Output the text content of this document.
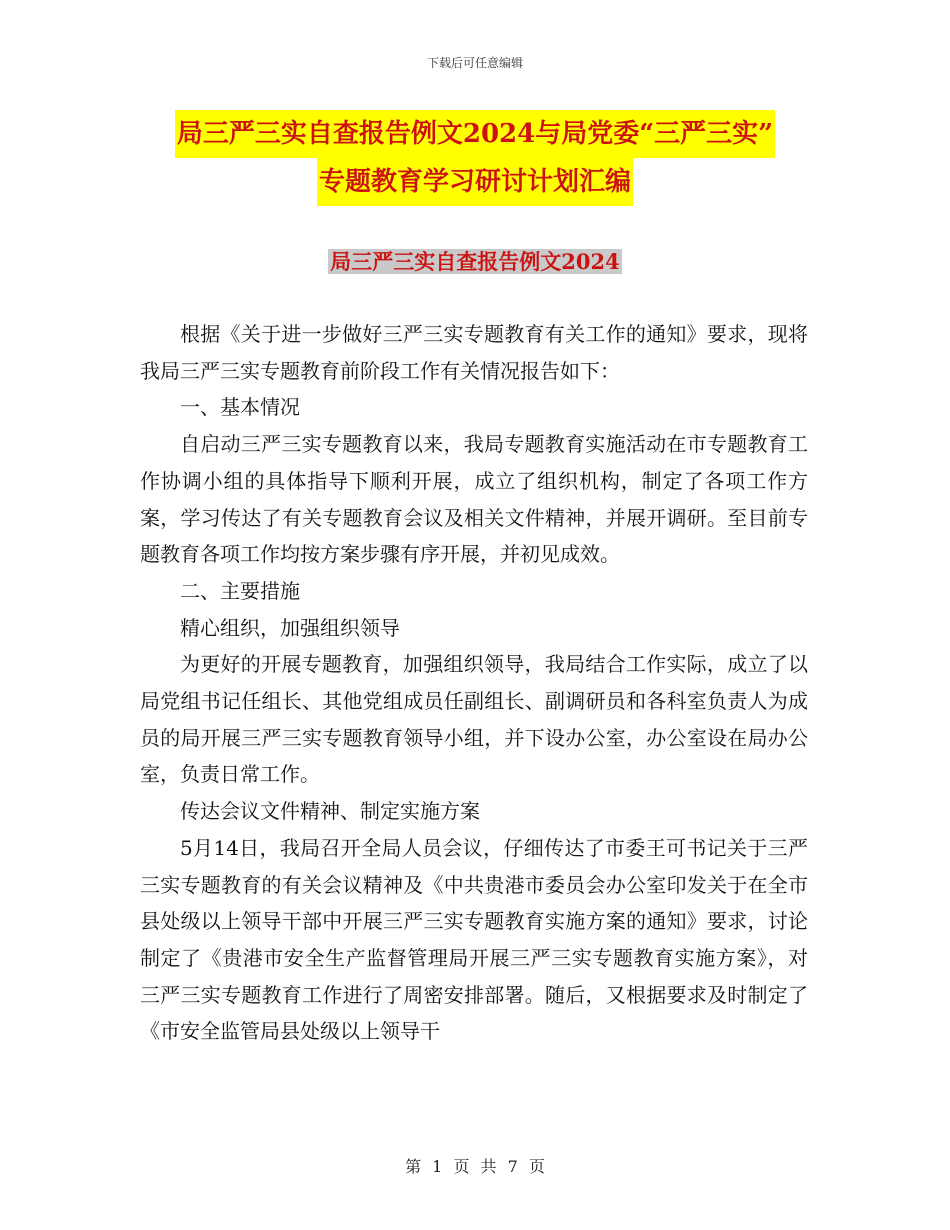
下载后可任意编辑
局三严三实自查报告例文2024与局党委“三严三实”
专题教育学习研讨计划汇编
局三严三实自查报告例文2024

根据《关于进一步做好三严三实专题教育有关工作的通知》要求，现将我局三严三实专题教育前阶段工作有关情况报告如下：

一、基本情况

自启动三严三实专题教育以来，我局专题教育实施活动在市专题教育工作协调小组的具体指导下顺利开展，成立了组织机构，制定了各项工作方案，学习传达了有关专题教育会议及相关文件精神，并展开调研。至目前专题教育各项工作均按方案步骤有序开展，并初见成效。

二、主要措施

精心组织，加强组织领导

为更好的开展专题教育，加强组织领导，我局结合工作实际，成立了以局党组书记任组长、其他党组成员任副组长、副调研员和各科室负责人为成员的局开展三严三实专题教育领导小组，并下设办公室，办公室设在局办公室，负责日常工作。

传达会议文件精神、制定实施方案

5月14日，我局召开全局人员会议，仔细传达了市委王可书记关于三严三实专题教育的有关会议精神及《中共贵港市委员会办公室印发关于在全市县处级以上领导干部中开展三严三实专题教育实施方案的通知》要求，讨论制定了《贵港市安全生产监督管理局开展三严三实专题教育实施方案》，对三严三实专题教育工作进行了周密安排部署。随后，又根据要求及时制定了《市安全监管局县处级以上领导干

第 1 页 共 7 页
